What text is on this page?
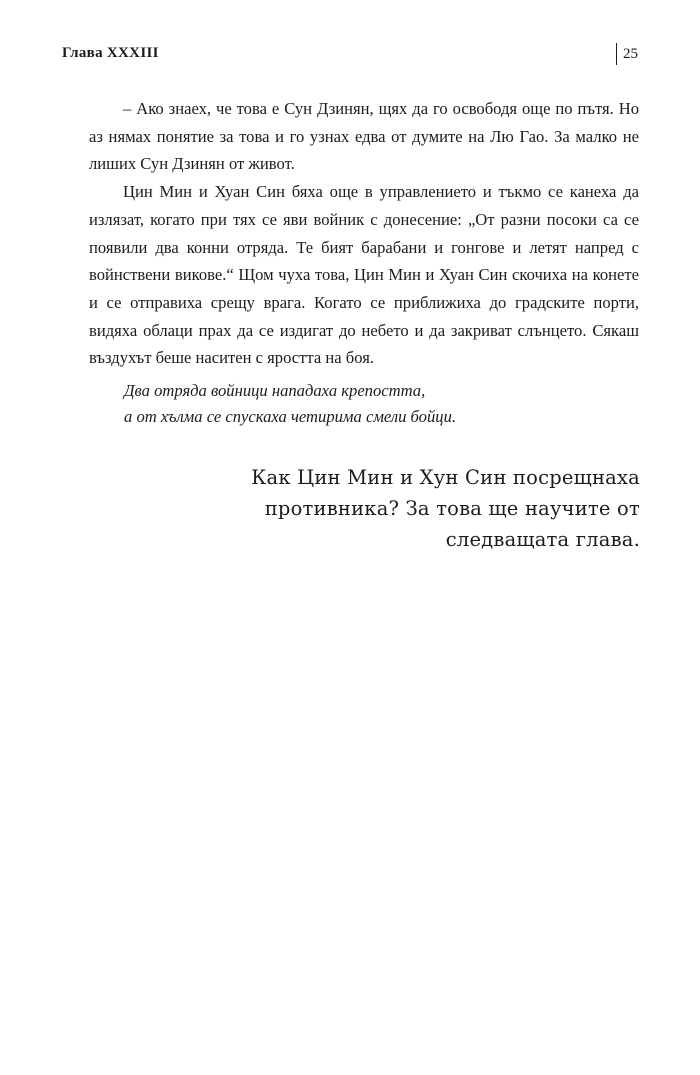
Глава XXXIII	25

– Ако знаех, че това е Сун Дзинян, щях да го освободя още по пътя. Но аз нямах понятие за това и го узнах едва от думите на Лю Гао. За малко не лиших Сун Дзинян от живот.

Цин Мин и Хуан Син бяха още в управлението и тъкмо се канеха да излязат, когато при тях се яви войник с донесение: „От разни посоки са се появили два конни отряда. Те бият барабани и гонгове и летят напред с войнствени викове.“ Щом чуха това, Цин Мин и Хуан Син скочиха на конете и се отправиха срещу врага. Когато се приближиха до градските порти, видяха облаци прах да се издигат до небето и да закриват слънцето. Сякаш въздухът беше наситен с яростта на боя.

Два отряда войници нападаха крепостта,
а от хълма се спускаха четирима смели бойци.
Как Цин Мин и Хун Син посрещнаха
противника? За това ще научите от
следващата глава.
